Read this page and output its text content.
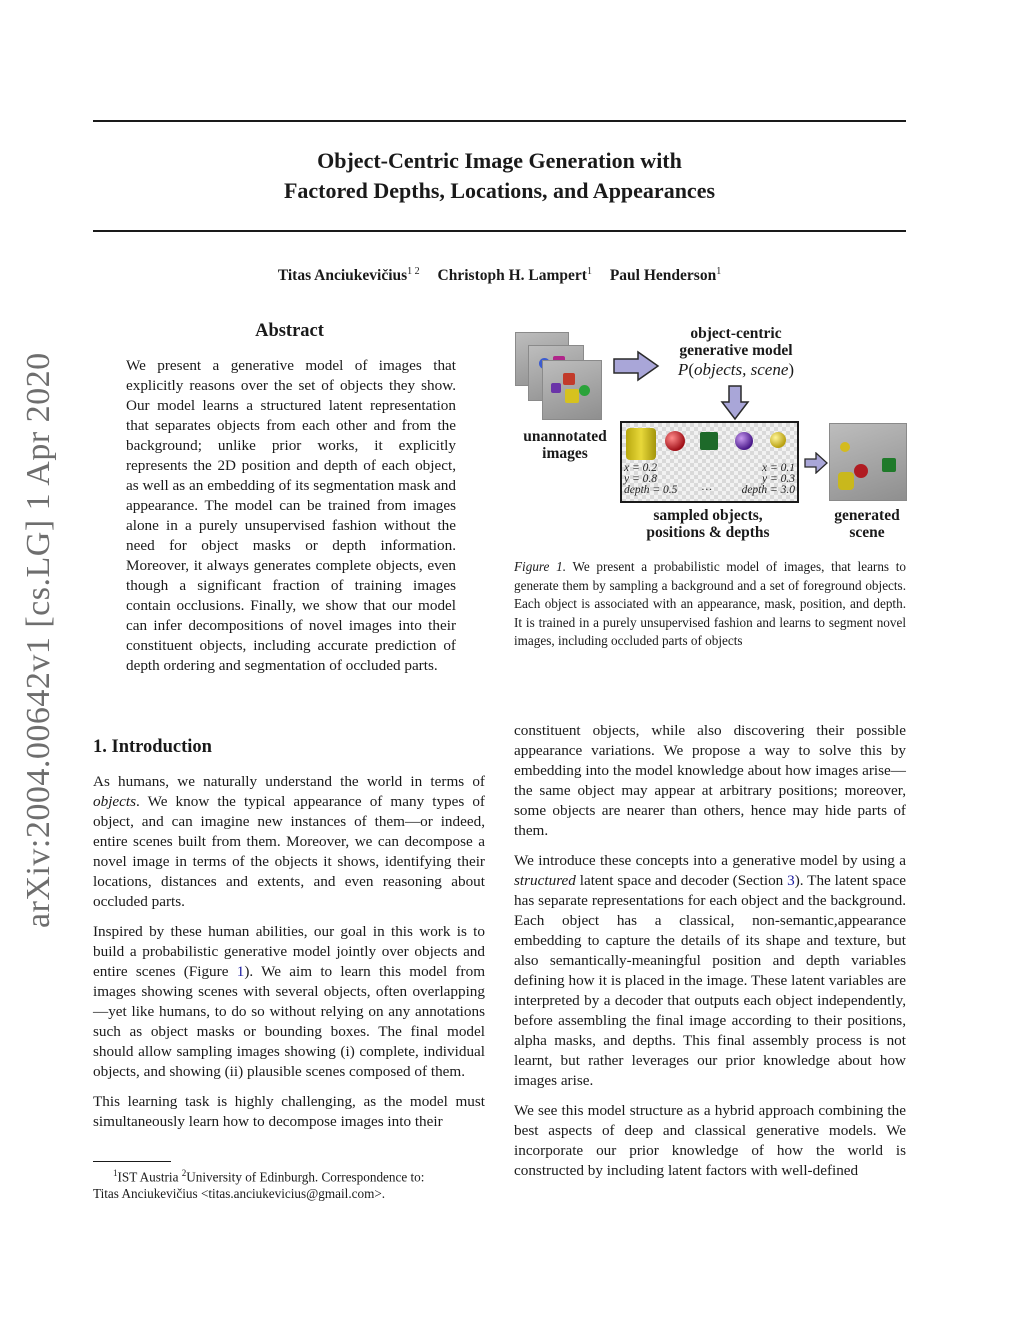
Object-Centric Image Generation with
Factored Depths, Locations, and Appearances
Titas Anciukevičius$^{1 2}$ Christoph H. Lampert$^1$ Paul Henderson$^1$
arXiv:2004.00642v1 [cs.LG] 1 Apr 2020
Abstract
We present a generative model of images that explicitly reasons over the set of objects they show. Our model learns a structured latent representation that separates objects from each other and from the background; unlike prior works, it explicitly represents the 2D position and depth of each object, as well as an embedding of its segmentation mask and appearance. The model can be trained from images alone in a purely unsupervised fashion without the need for object masks or depth information. Moreover, it always generates complete objects, even though a significant fraction of training images contain occlusions. Finally, we show that our model can infer decompositions of novel images into their constituent objects, including accurate prediction of depth ordering and segmentation of occluded parts.
object-centric
generative model
P(objects, scene)
unannotated
images
x = 0.2
y = 0.8
depth = 0.5 ···
x = 0.1
y = 0.3
depth = 3.0
sampled objects,
positions & depths
generated
scene
Figure 1. We present a probabilistic model of images, that learns to generate them by sampling a background and a set of foreground objects. Each object is associated with an appearance, mask, position, and depth. It is trained in a purely unsupervised fashion and learns to segment novel images, including occluded parts of objects
1. Introduction

As humans, we naturally understand the world in terms of objects. We know the typical appearance of many types of object, and can imagine new instances of them—or indeed, entire scenes built from them. Moreover, we can decompose a novel image in terms of the objects it shows, identifying their locations, distances and extents, and even reasoning about occluded parts.

Inspired by these human abilities, our goal in this work is to build a probabilistic generative model jointly over objects and entire scenes (Figure 1). We aim to learn this model from images showing scenes with several objects, often overlapping—yet like humans, to do so without relying on any annotations such as object masks or bounding boxes. The final model should allow sampling images showing (i) complete, individual objects, and showing (ii) plausible scenes composed of them.

This learning task is highly challenging, as the model must simultaneously learn how to decompose images into their

$^1$IST Austria $^2$University of Edinburgh. Correspondence to:
Titas Anciukevičius <titas.anciukevicius@gmail.com>.

constituent objects, while also discovering their possible appearance variations. We propose a way to solve this by embedding into the model knowledge about how images arise—the same object may appear at arbitrary positions; moreover, some objects are nearer than others, hence may hide parts of them.

We introduce these concepts into a generative model by using a structured latent space and decoder (Section 3). The latent space has separate representations for each object and the background. Each object has a classical, non-semantic,appearance embedding to capture the details of its shape and texture, but also semantically-meaningful position and depth variables defining how it is placed in the image. These latent variables are interpreted by a decoder that outputs each object independently, before assembling the final image according to their positions, alpha masks, and depths. This final assembly process is not learnt, but rather leverages our prior knowledge about how images arise.

We see this model structure as a hybrid approach combining the best aspects of deep and classical generative models. We incorporate our prior knowledge of how the world is constructed by including latent factors with well-defined
